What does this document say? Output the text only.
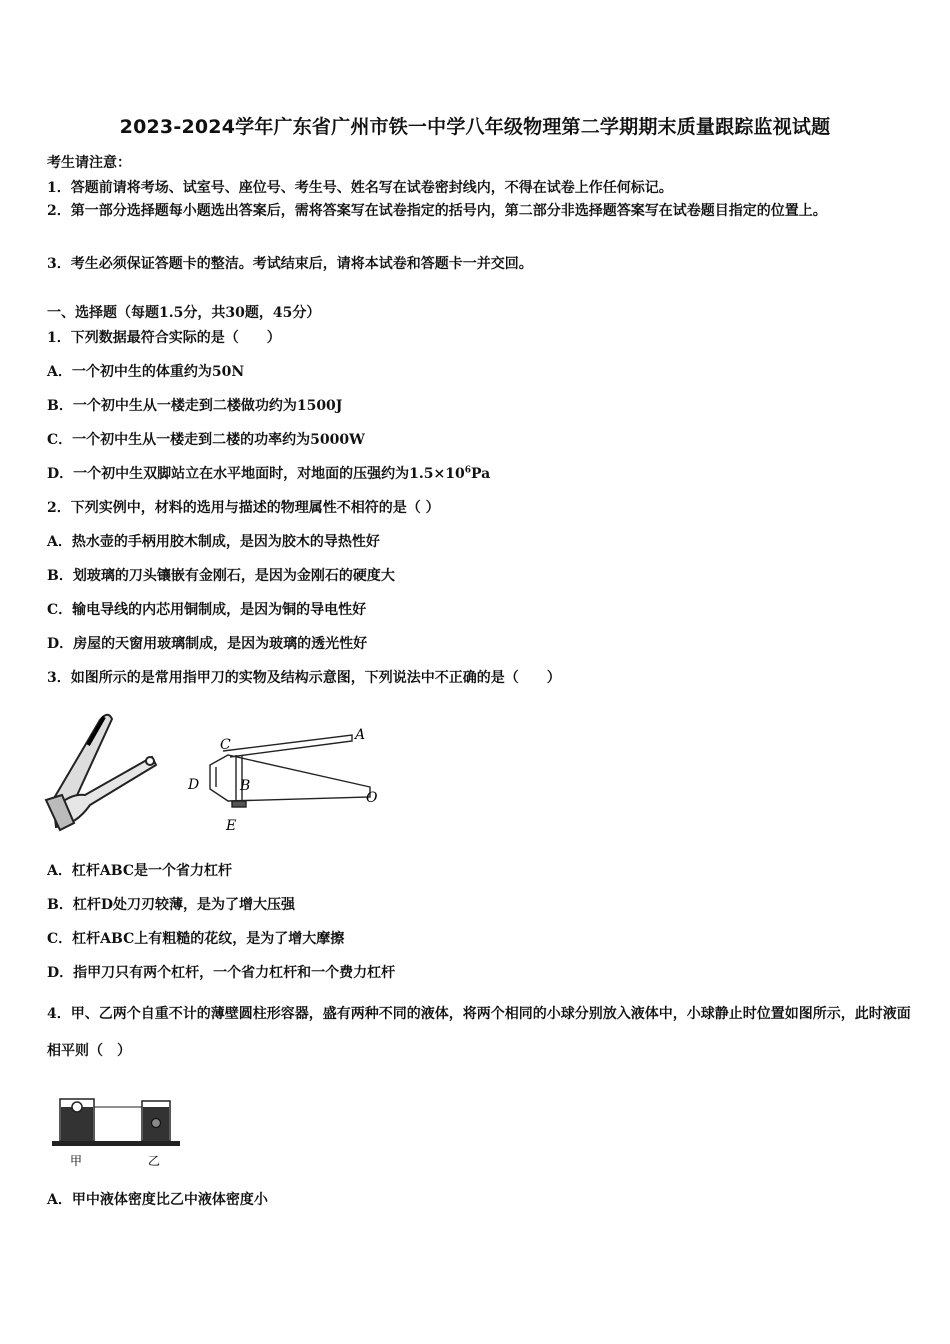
2023-2024学年广东省广州市铁一中学八年级物理第二学期期末质量跟踪监视试题
考生请注意：
1．答题前请将考场、试室号、座位号、考生号、姓名写在试卷密封线内，不得在试卷上作任何标记。
2．第一部分选择题每小题选出答案后，需将答案写在试卷指定的括号内，第二部分非选择题答案写在试卷题目指定的位置上。
3．考生必须保证答题卡的整洁。考试结束后，请将本试卷和答题卡一并交回。
一、选择题（每题1.5分，共30题，45分）
1．下列数据最符合实际的是（　　）
A．一个初中生的体重约为50N
B．一个初中生从一楼走到二楼做功约为1500J
C．一个初中生从一楼走到二楼的功率约为5000W
D．一个初中生双脚站立在水平地面时，对地面的压强约为$1.5\times 10^6Pa$
2．下列实例中，材料的选用与描述的物理属性不相符的是（ ）
A．热水壶的手柄用胶木制成，是因为胶木的导热性好
B．划玻璃的刀头镶嵌有金刚石，是因为金刚石的硬度大
C．输电导线的内芯用铜制成，是因为铜的导电性好
D．房屋的天窗用玻璃制成，是因为玻璃的透光性好
3．如图所示的是常用指甲刀的实物及结构示意图，下列说法中不正确的是（　　）
C
A
D	B
O
E
A．杠杆ABC是一个省力杠杆
B．杠杆D处刀刃较薄，是为了增大压强
C．杠杆ABC上有粗糙的花纹，是为了增大摩擦
D．指甲刀只有两个杠杆，一个省力杠杆和一个费力杠杆
4．甲、乙两个自重不计的薄壁圆柱形容器，盛有两种不同的液体，将两个相同的小球分别放入液体中，小球静止时位置如图所示，此时液面相平则（　）
甲	乙
A．甲中液体密度比乙中液体密度小
